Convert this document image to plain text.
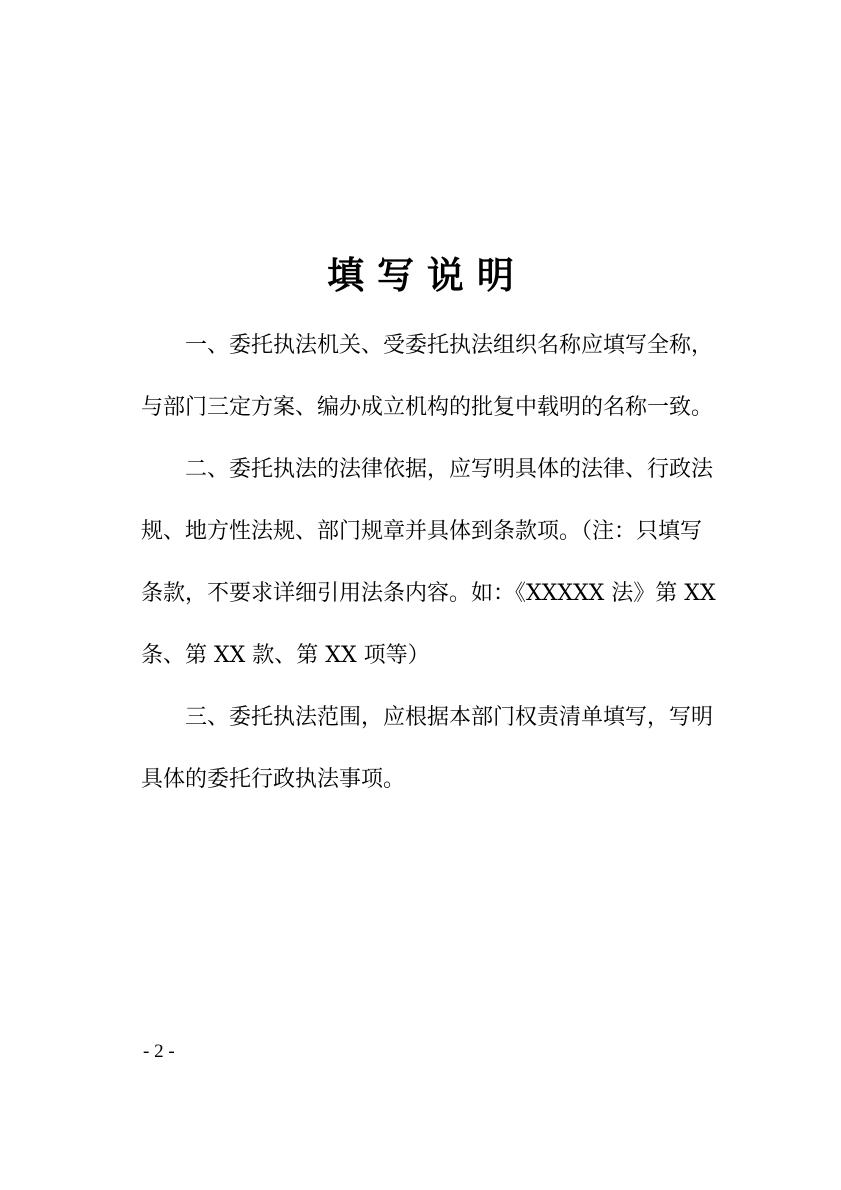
填 写 说 明

一、委托执法机关、受委托执法组织名称应填写全称，
与部门三定方案、编办成立机构的批复中载明的名称一致。

二、委托执法的法律依据，应写明具体的法律、行政法
规、地方性法规、部门规章并具体到条款项。（注：只填写
条款，不要求详细引用法条内容。如：《XXXXX 法》第 XX
条、第 XX 款、第 XX 项等）

三、委托执法范围，应根据本部门权责清单填写，写明
具体的委托行政执法事项。

- 2 -
